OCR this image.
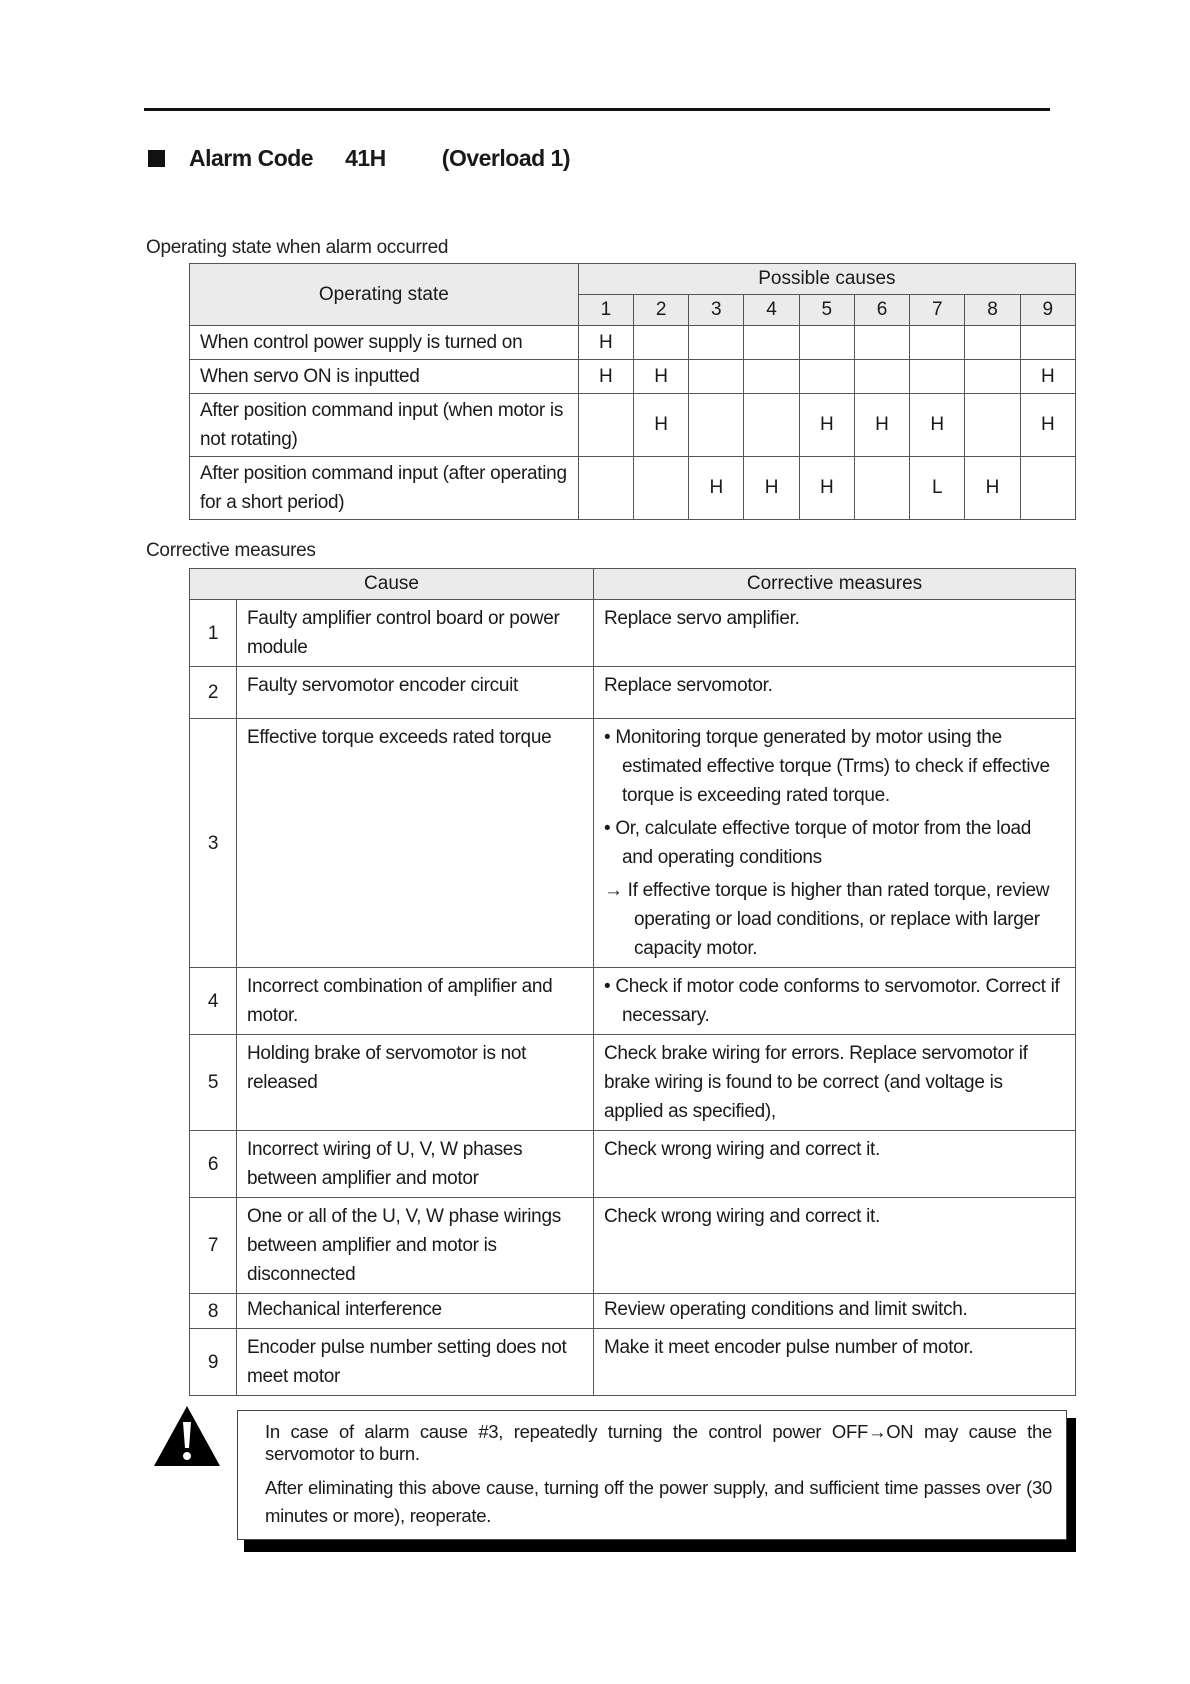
Alarm Code 41H (Overload 1)
Operating state when alarm occurred
Operating state	Possible causes								
	1	2	3	4	5	6	7	8	9
When control power supply is turned on	H								
When servo ON is inputted	H	H							H
After position command input (when motor is not rotating)		H			H	H	H		H
After position command input (after operating for a short period)			H	H	H		L	H	
Corrective measures
Cause		Corrective measures
1	Faulty amplifier control board or power module	Replace servo amplifier.
2	Faulty servomotor encoder circuit	Replace servomotor.
3	Effective torque exceeds rated torque	• Monitoring torque generated by motor using the estimated effective torque (Trms) to check if effective torque is exceeding rated torque.
• Or, calculate effective torque of motor from the load and operating conditions
→ If effective torque is higher than rated torque, review operating or load conditions, or replace with larger capacity motor.

4	Incorrect combination of amplifier and motor.	• Check if motor code conforms to servomotor. Correct if necessary.

5	Holding brake of servomotor is not released	Check brake wiring for errors. Replace servomotor if brake wiring is found to be correct (and voltage is applied as specified),
6	Incorrect wiring of U, V, W phases between amplifier and motor	Check wrong wiring and correct it.
7	One or all of the U, V, W phase wirings between amplifier and motor is disconnected	Check wrong wiring and correct it.
8	Mechanical interference	Review operating conditions and limit switch.
9	Encoder pulse number setting does not meet motor	Make it meet encoder pulse number of motor.

In case of alarm cause #3, repeatedly turning the control power OFF→ON may cause the servomotor to burn.

After eliminating this above cause, turning off the power supply, and sufficient time passes over (30 minutes or more), reoperate.
